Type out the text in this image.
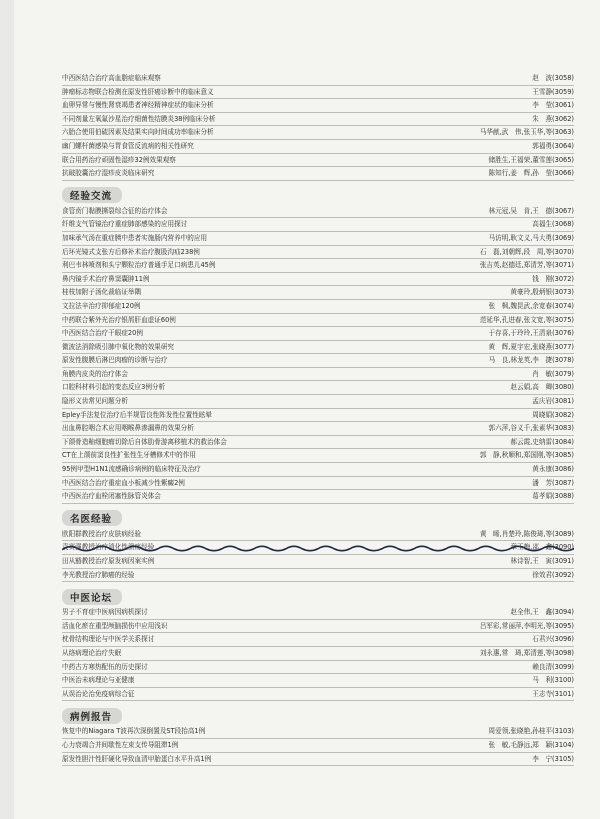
中西医结合治疗高血脂症临床观察	赵　波(3058)
肿瘤标志物联合检测在原发性肝癌诊断中的临床意义	王雪静(3059)
血卵异常与慢性肾衰竭患者神经精神症状的临床分析	李　莹(3061)
不同剂量左氧氟沙星治疗细菌性结膜炎38例临床分析	朱　燕(3062)
六胎合使用伯硫因素及结果实向时间成功率临床分析	马华献,武　伟,张玉华,等(3063)
幽门螺杆菌感染与胃食管反流病的相关性研究	郭福勇(3064)
联合用药治疗顽固性湿疹32例效果观察	储胜生,王福荣,董雪莲(3065)
抗破胶囊治疗湿疹皮炎临床研究	陈知行,姜　辉,孙　莹(3066)
经验交流
食管贲门黏膜撕裂综合征的治疗体会	林元冠,吴　肯,王　德(3067)
纤维支气管镜治疗重症肺部感染的应用探讨	高福生(3068)
加味承气汤在重症胰中患者实施肠内营养中的应用	马访明,耿文义,马大勇(3069)
后环光镜式支张方后修补术治疗腹股沟疝238例	石　磊,刘朝辉,段　周,等(3070)
利巴韦林喷剂和头宁颗粒治疗普通手足口病患儿45例	张吉英,赵德廷,郑清芳,等(3071)
鼻内镜手术治疗鼻窦囊肿11例	钱　刚(3072)
桂枝加附子汤化裁临证举隅	黄豪玲,殷炳银(3073)
文拉法辛治疗抑郁症120例	张　枫,魏昆武,余宽春(3074)
中药联合紫外光治疗银屑肝血虚证60例	范延华,孔进春,张文宽,等(3075)
中西医结合治疗干眼症20例	于存喜,于玲玲,王清泉(3076)
微波法消除吸引肺中氧化物的效果研究	黄　辉,夏宇宏,张晓燕(3077)
原发性腹膜后淋巴肉瘤的诊断与治疗	马　良,林龙英,李　捷(3078)
角膜内皮炎的治疗体会	肖　敏(3079)
口腔科材料引起的变态反应3例分析	赵云娟,高　卿(3080)
隐形义齿常见问题分析	孟庆岩(3081)
Epley手法复位治疗后半规管良性阵发性位置性眩晕	周晓娟(3082)
出血鼻腔咽合术应用咽喉鼻渗漏鼻的效果分析	郭六萍,谷义千,张素华(3083)
下颌骨造釉细胞瘤切除后自体肋骨游离移植术的救治体会	郝云霞,史纳雷(3084)
CT在上颌前窦良性扩张性生牙槽修术中的作用	郭　静,秋顺和,郑国刚,等(3085)
95例甲型H1N1流感确诊病例的临床特征及治疗	黄永康(3086)
中西医结合治疗重症血小板减少性紫癜2例	潘　芳(3087)
中西医治疗血栓闭塞性脉管炎体会	葛孝娟(3088)
名医经验
欧阳群教授治疗皮肤病经验	黄　晞,肖楚玲,陈俊琦,等(3089)
袁赛强教授治疗消化性溃疡经验	章玉梅,邵　鑫(3090)
田从豁教授治疗原发病因案实例	林诗智,王　寅(3091)
李光教授治疗肺癌的经验	徐效君(3092)
中医论坛
男子不育症中医病因病机探讨	赵全伟,王　鑫(3094)
活血化瘀在重型颅脑损伤中应用浅识	吕军彩,常丽萍,李明光,等(3095)
枕骨结构理论与中医学关系探讨	石君兴(3096)
从络病理论治疗失眠	刘永惠,常　琦,郑清莲,等(3098)
中药古方寒热配伍的历史探讨	赖良清(3099)
中医治未病理论与亚健康	马　利(3100)
从误治论治免疫病综合征	王志寺(3101)
病例报告
恢复中的Niagara T波再次深倒置及ST段抬高1例	周爱领,张晓艳,孙桂平(3103)
心力衰竭合并间歇性左束支传导阻滞1例	张　敏,毛静远,郑　颖(3104)
原发性胆汁性肝硬化导致血清甲胎蛋白水平升高1例	李　宁(3105)
